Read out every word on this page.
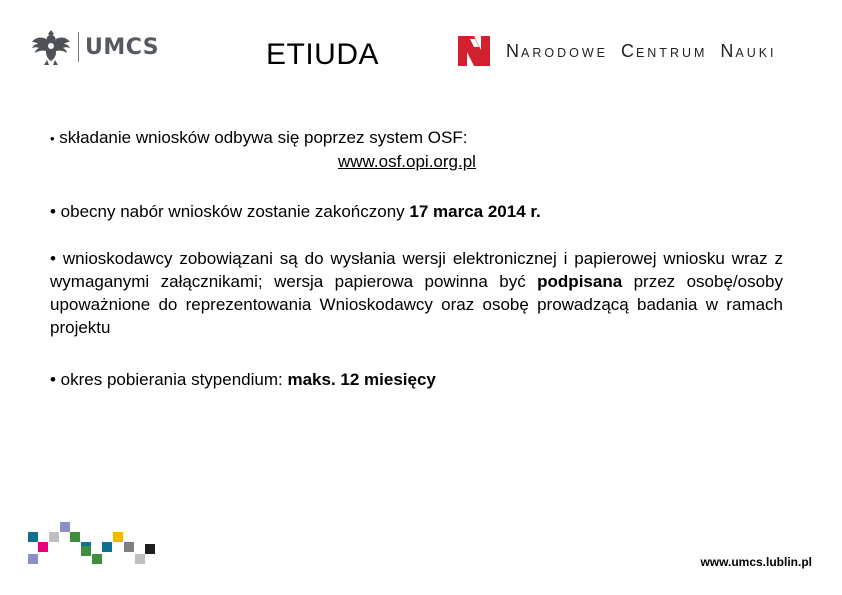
UMCS	ETIUDA	NARODOWE CENTRUM NAUKI
• składanie wniosków odbywa się poprzez system OSF:
www.osf.opi.org.pl
• obecny nabór wniosków zostanie zakończony 17 marca 2014 r.
• wnioskodawcy zobowiązani są do wysłania wersji elektronicznej i papierowej wniosku wraz z wymaganymi załącznikami; wersja papierowa powinna być podpisana przez osobę/osoby upoważnione do reprezentowania Wnioskodawcy oraz osobę prowadzącą badania w ramach projektu
• okres pobierania stypendium: maks. 12 miesięcy
www.umcs.lublin.pl
